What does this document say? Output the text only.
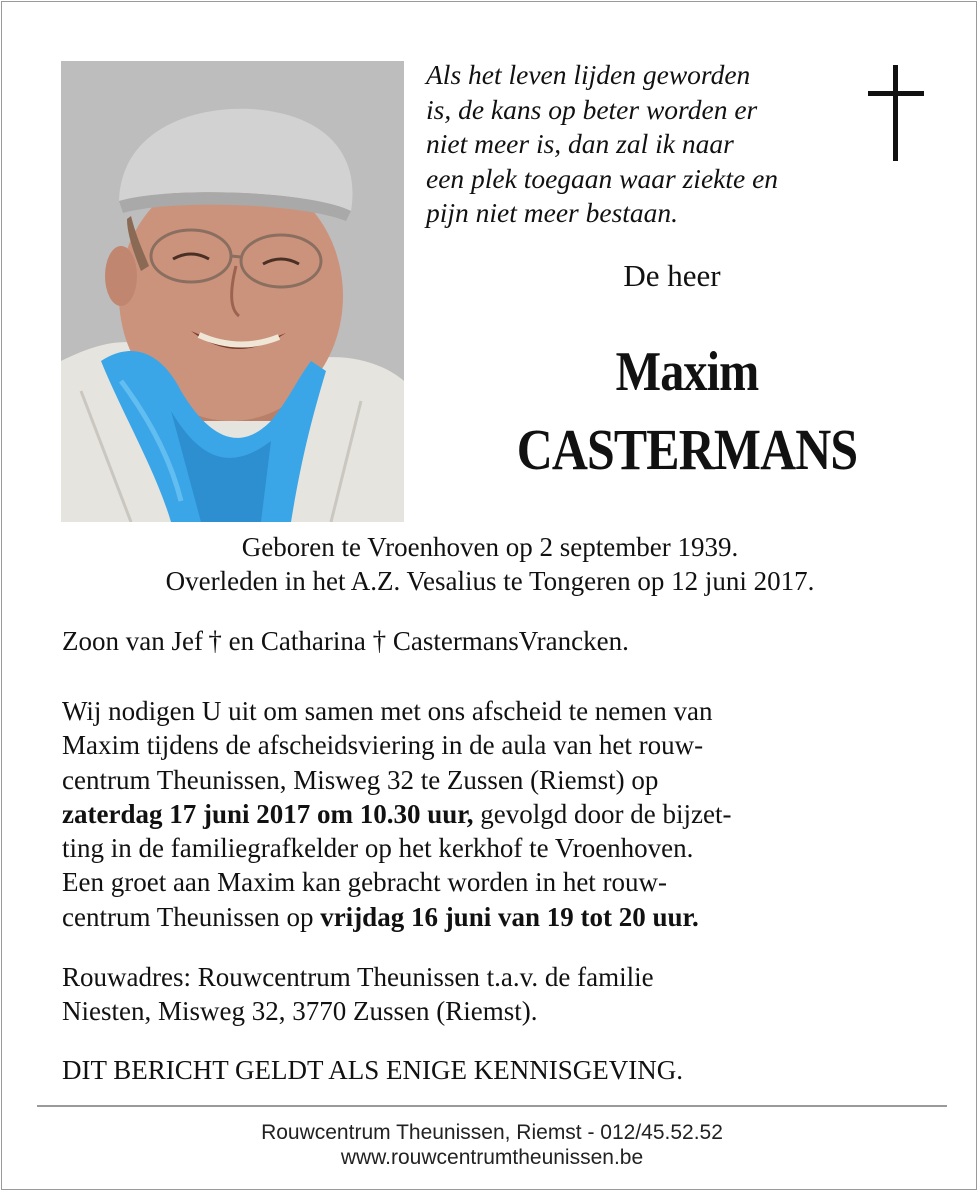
Als het leven lijden geworden
is, de kans op beter worden er
niet meer is, dan zal ik naar
een plek toegaan waar ziekte en
pijn niet meer bestaan.
De heer
Maxim
CASTERMANS
Geboren te Vroenhoven op 2 september 1939.
Overleden in het A.Z. Vesalius te Tongeren op 12 juni 2017.
Zoon van Jef  † en Catharina † CastermansVrancken.
Wij nodigen U uit om samen met ons afscheid te nemen van
Maxim tijdens de afscheidsviering in de aula van het rouw-
centrum Theunissen, Misweg 32 te Zussen (Riemst) op
zaterdag 17 juni 2017 om 10.30 uur, gevolgd door de bijzet-
ting in de familiegrafkelder op het kerkhof te Vroenhoven.
Een groet aan Maxim kan gebracht worden in het rouw-
centrum Theunissen op vrijdag 16 juni van 19 tot 20 uur.
Rouwadres: Rouwcentrum Theunissen t.a.v. de familie
Niesten, Misweg 32, 3770 Zussen (Riemst).
DIT BERICHT GELDT ALS ENIGE KENNISGEVING.
Rouwcentrum Theunissen, Riemst - 012/45.52.52
www.rouwcentrumtheunissen.be
